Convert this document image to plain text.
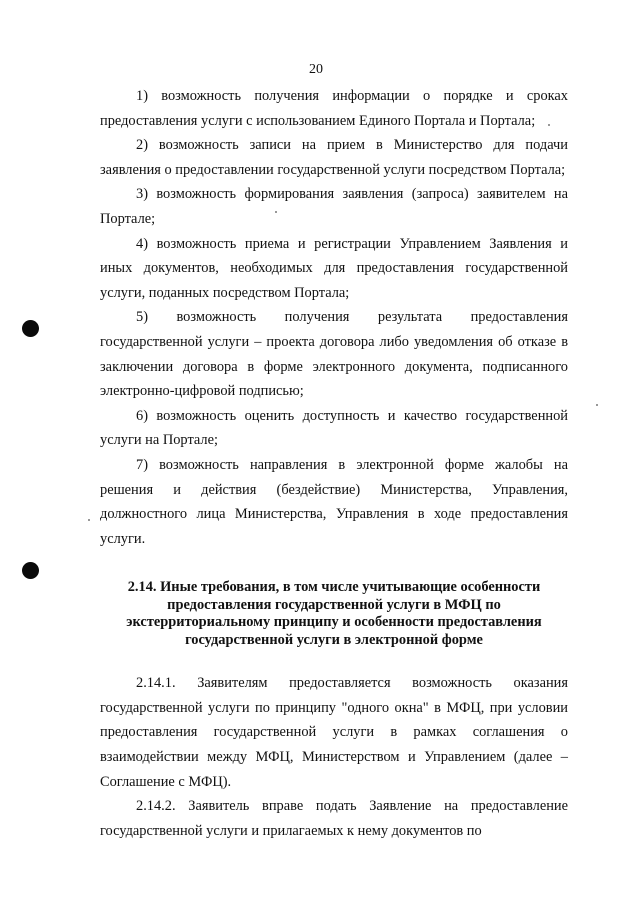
20

1) возможность получения информации о порядке и сроках предоставления услуги с использованием Единого Портала и Портала;

2) возможность записи на прием в Министерство для подачи заявления о предоставлении государственной услуги посредством Портала;

3) возможность формирования заявления (запроса) заявителем на Портале;

4) возможность приема и регистрации Управлением Заявления и иных документов, необходимых для предоставления государственной услуги, поданных посредством Портала;

5) возможность получения результата предоставления государственной услуги – проекта договора либо уведомления об отказе в заключении договора в форме электронного документа, подписанного электронно-цифровой подписью;

6) возможность оценить доступность и качество государственной услуги на Портале;

7) возможность направления в электронной форме жалобы на решения и действия (бездействие) Министерства, Управления, должностного лица Министерства, Управления в ходе предоставления услуги.

2.14. Иные требования, в том числе учитывающие особенности
предоставления государственной услуги в МФЦ по
экстерриториальному принципу и особенности предоставления
государственной услуги в электронной форме

2.14.1. Заявителям предоставляется возможность оказания государственной услуги по принципу "одного окна" в МФЦ, при условии предоставления государственной услуги в рамках соглашения о взаимодействии между МФЦ, Министерством и Управлением (далее – Соглашение с МФЦ).

2.14.2. Заявитель вправе подать Заявление на предоставление государственной услуги и прилагаемых к нему документов по
